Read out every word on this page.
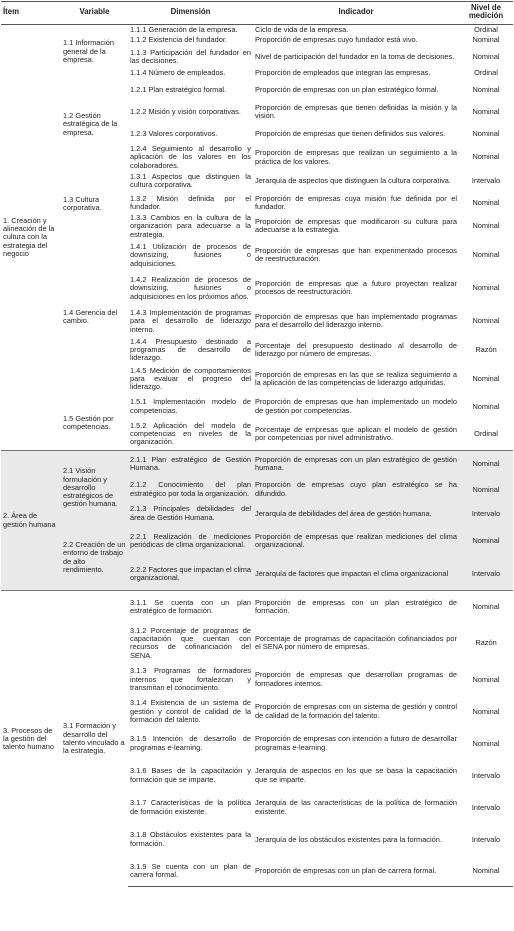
Ítem	Variable	Dimensión	Indicador	Nivel de medición
1. Creación y alineación de la cultura con la estrategia del negocio	1.1 Información general de la empresa.	1.1.1 Generación de la empresa.	Ciclo de vida de la empresa.	Ordinal
		1.1.2 Existencia del fundador.	Proporción de empresas cuyo fundador está vivo.	Nominal
		1.1.3 Participación del fundador en las decisiones.	Nivel de participación del fundador en la toma de decisiones.	Nominal
		1.1.4 Número de empleados.	Proporción de empleados que integran las empresas.	Ordinal
	1.2 Gestión estratégica de la empresa.	1.2.1 Plan estratégico formal.	Proporción de empresas con un plan estratégico formal.	Nominal
		1.2.2 Misión y visión corporativas.	Proporción de empresas que tienen definidas la misión y la visión.	Nominal
		1.2.3 Valores corporativos.	Proporción de empresas que tienen definidos sus valores.	Nominal
		1.2.4 Seguimiento al desarrollo y aplicación de los valores en los colaboradores.	Proporción de empresas que realizan un seguimiento a la práctica de los valores.	Nominal
	1.3 Cultura corporativa.	1.3.1 Aspectos que distinguen la cultura corporativa.	Jerarquía de aspectos que distinguen la cultura corporativa.	Intervalo
		1.3.2 Misión definida por el fundador.	Proporción de empresas cuya misión fue definida por el fundador.	Nominal
		1.3.3 Cambios en la cultura de la organización para adecuarse a la estrategia.	Proporción de empresas que modificaron su cultura para adecuarse a la estrategia.	Nominal
	1.4 Gerencia del cambio.	1.4.1 Utilización de procesos de downsizing, fusiones o adquisiciones.	Proporción de empresas que han experimentado procesos de reestructuración.	Nominal
		1.4.2 Realización de procesos de downsizing, fusiones o adquisiciones en los próximos años.	Proporción de empresas que a futuro proyectan realizar procesos de reestructuración.	Nominal
		1.4.3 Implementación de programas para el desarrollo de liderazgo interno.	Proporción de empresas que han implementado programas para el desarrollo del liderazgo interno.	Nominal
		1.4.4 Presupuesto destinado a programas de desarrollo de liderazgo.	Porcentaje del presupuesto destinado al desarrollo de liderazgo por número de empresas.	Razón
		1.4.5 Medición de comportamientos para evaluar el progreso del liderazgo.	Proporción de empresas en las que se realiza seguimiento a la aplicación de las competencias de liderazgo adquiridas.	Nominal
	1.5 Gestión por competencias.	1.5.1 Implementación modelo de competencias.	Proporción de empresas que han implementado un modelo de gestión por competencias.	Nominal
		1.5.2 Aplicación del modelo de competencias en niveles de la organización.	Porcentaje de empresas que aplican el modelo de gestión por competencias por nivel administrativo.	Ordinal
2. Área de gestión humana	2.1 Visión formulación y desarrollo estratégicos de gestión humana.	2.1.1 Plan estratégico de Gestión Humana.	Proporción de empresas con un plan estratégico de gestión humana.	Nominal
		2.1.2 Conocimiento del plan estratégico por toda la organización.	Proporción de empresas cuyo plan estratégico se ha difundido.	Nominal
		2.1.3 Principales debilidades del área de Gestión Humana.	Jerarquía de debilidades del área de gestión humana.	Intervalo
	2.2 Creación de un entorno de trabajo de alto rendimiento.	2.2.1 Realización de mediciones periódicas de clima organizacional.	Proporción de empresas que realizan mediciones del clima organizacional.	Nominal
		2.2.2 Factores que impactan el clima organizacional.	Jerarquía de factores que impactan el clima organizacional	Intervalo
3. Procesos de la gestión del talento humano	3.1 Formación y desarrollo del talento vinculado a la estrategia.	3.1.1 Se cuenta con un plan estratégico de formación.	Proporción de empresas con un plan estratégico de formación.	Nominal
		3.1.2 Porcentaje de programas de capacitación que cuentan con recursos de cofinanciación del SENA.	Porcentaje de programas de capacitación cofinanciados por el SENA por número de empresas.	Razón
		3.1.3 Programas de formadores internos que fortalezcan y transmitan el conocimiento.	Proporción de empresas que desarrollan programas de formadores internos.	Nominal
		3.1.4 Existencia de un sistema de gestión y control de calidad de la formación del talento.	Proporción de empresas con un sistema de gestión y control de calidad de la formación del talento.	Nominal
		3.1.5 Intención de desarrollo de programas e-learning.	Proporción de empresas con intención a futuro de desarrollar programas e-learning.	Nominal
		3.1.6 Bases de la capacitación y formación que se imparte.	Jerarquía de aspectos en los que se basa la capacitación que se imparte.	Intervalo
		3.1.7 Características de la política de formación existente.	Jerarquía de las características de la política de formación existente.	Intervalo
		3.1.8 Obstáculos existentes para la formación.	Jerarquía de los obstáculos existentes para la formación.	Intervalo
		3.1.9 Se cuenta con un plan de carrera formal.	Proporción de empresas con un plan de carrera formal.	Nominal
